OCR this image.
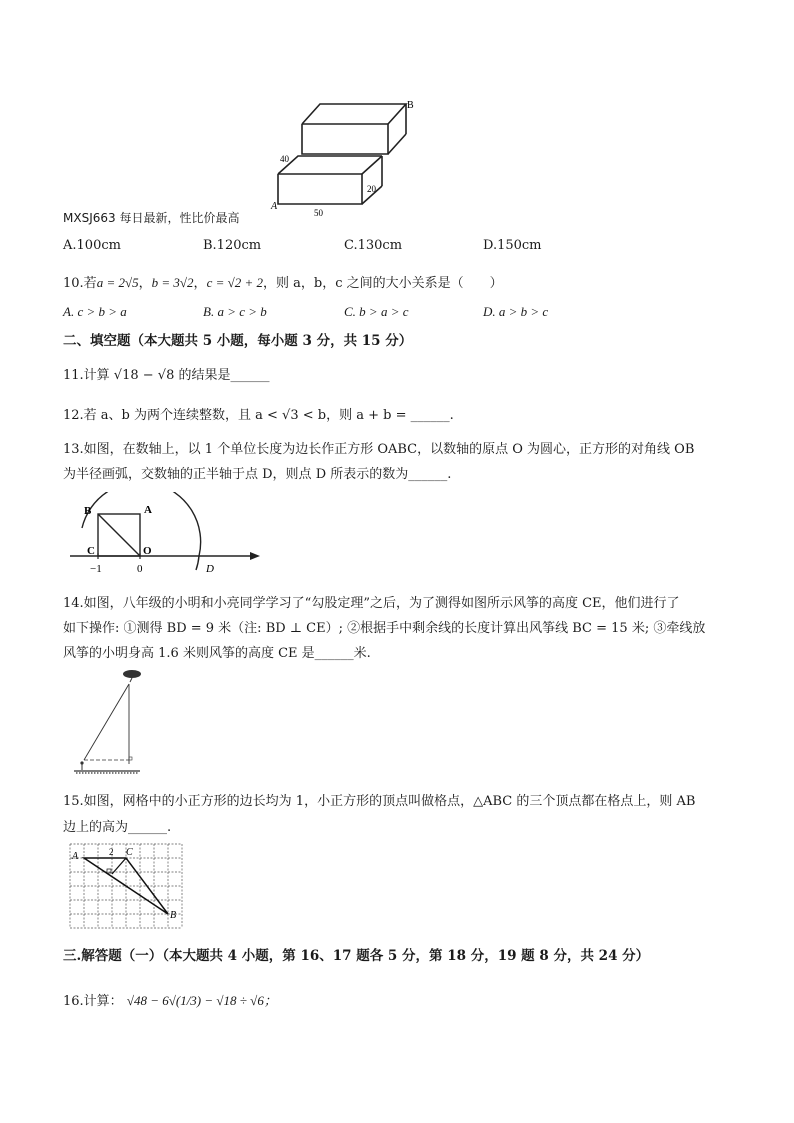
B
40
20
A
50
MXSJ663 每日最新，性比价最高
A.100cm	B.120cm	C.130cm	D.150cm
10.若a = 2√5，b = 3√2，c = √2 + 2，则 a，b，c 之间的大小关系是（　　）
A. c > b > a	B. a > c > b	C. b > a > c	D. a > b > c
二、填空题（本大题共 5 小题，每小题 3 分，共 15 分）
11.计算 √18 − √8 的结果是______
12.若 a、b 为两个连续整数，且 a < √3 < b，则 a + b = ______.
13.如图，在数轴上，以 1 个单位长度为边长作正方形 OABC，以数轴的原点 O 为圆心，正方形的对角线 OB
为半径画弧，交数轴的正半轴于点 D，则点 D 所表示的数为______.
B	A
C	O
−1	0	D
14.如图，八年级的小明和小亮同学学习了“勾股定理”之后，为了测得如图所示风筝的高度 CE，他们进行了
如下操作: ①测得 BD = 9 米（注: BD ⊥ CE）; ②根据手中剩余线的长度计算出风筝线 BC = 15 米; ③牵线放
风筝的小明身高 1.6 米则风筝的高度 CE 是______米.
15.如图，网格中的小正方形的边长均为 1，小正方形的顶点叫做格点，△ABC 的三个顶点都在格点上，则 AB
边上的高为______.
A	2 C
B
三.解答题（一）（本大题共 4 小题，第 16、17 题各 5 分，第 18 分，19 题 8 分，共 24 分）
16.计算： √48 − 6√(1/3) − √18 ÷ √6；
